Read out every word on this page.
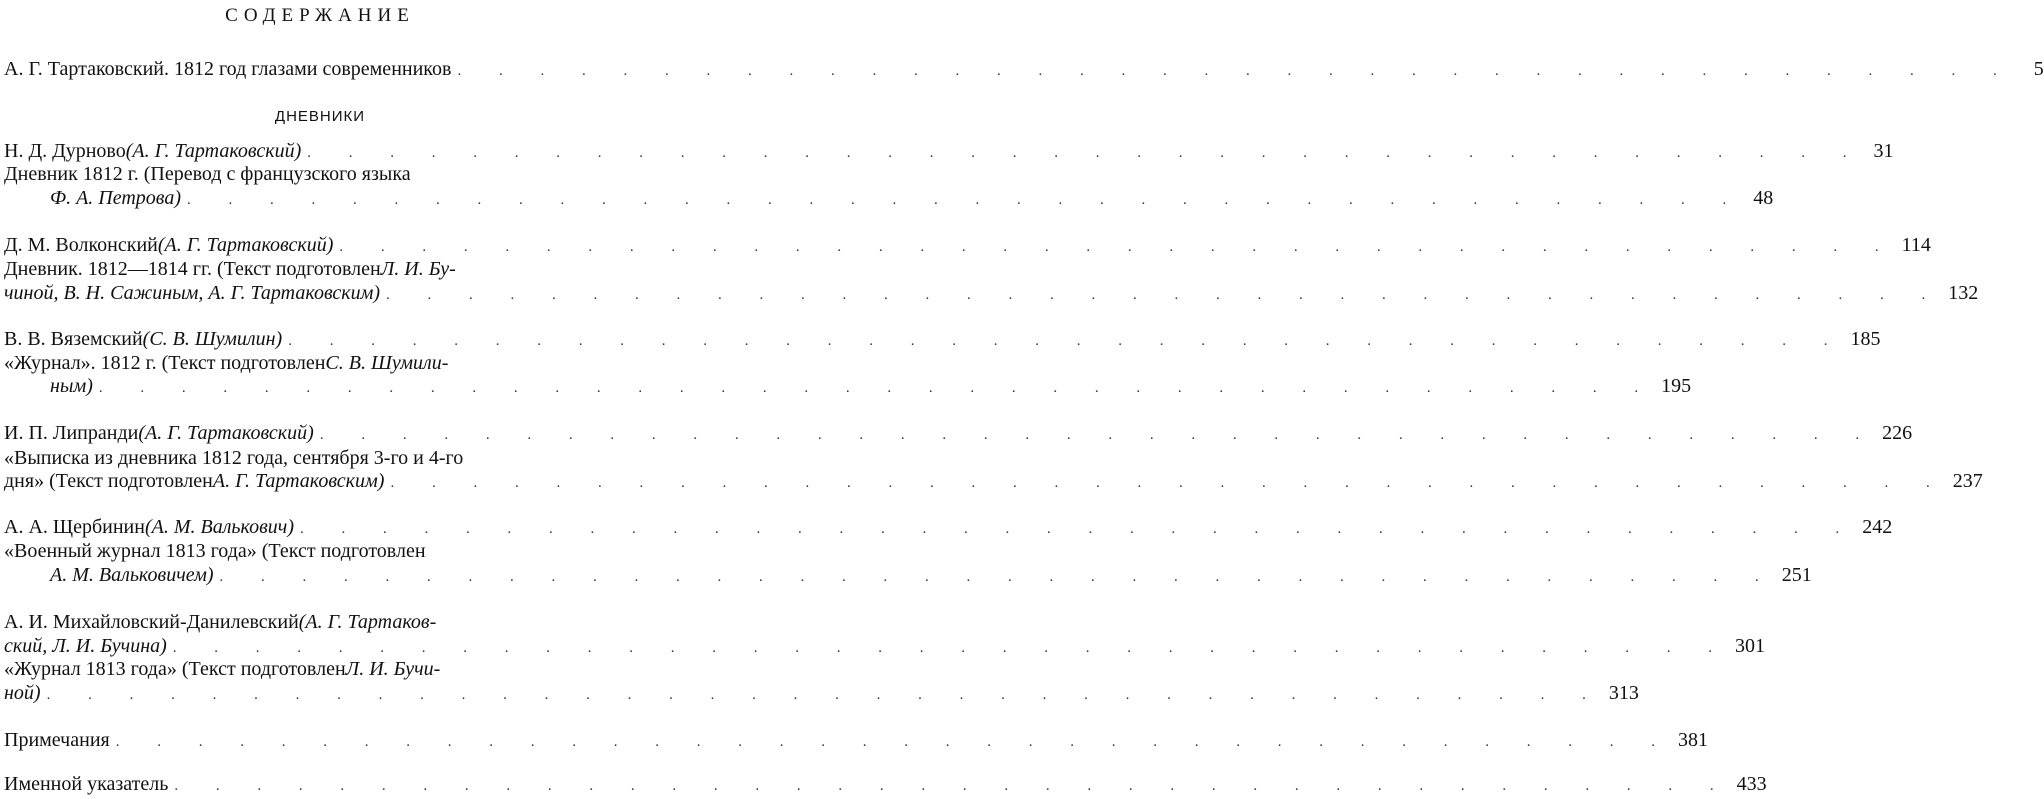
СОДЕРЖАНИЕ
А. Г. Тартаковский. 1812 год глазами современников . . . . . . . . . . . . . . . . . . . . . . . . . . . . . . . . . . . . . .	5
ДНЕВНИКИ
Н. Д. Дурново (А. Г. Тартаковский) . . . . . . . . . . . . . . . . . . . . . . . . . . . . . . . . . . . . . . 31
Дневник 1812 г. (Перевод с французского языка
Ф. А. Петрова) . . . . . . . . . . . . . . . . . . . . . . . . . . . . . . . . . . . . . . 48
Д. М. Волконский (А. Г. Тартаковский) . . . . . . . . . . . . . . . . . . . . . . . . . . . . . . . . . . . . . . 114
Дневник. 1812—1814 гг. (Текст подготовлен Л. И. Бу-
чиной, В. Н. Сажиным, А. Г. Тартаковским) . . . . . . . . . . . . . . . . . . . . . . . . . . . . . . . . . . . . . . 132
В. В. Вяземский (С. В. Шумилин) . . . . . . . . . . . . . . . . . . . . . . . . . . . . . . . . . . . . . . 185
«Журнал». 1812 г. (Текст подготовлен С. В. Шумили-
ным) . . . . . . . . . . . . . . . . . . . . . . . . . . . . . . . . . . . . . . 195
И. П. Липранди (А. Г. Тартаковский) . . . . . . . . . . . . . . . . . . . . . . . . . . . . . . . . . . . . . . 226
«Выписка из дневника 1812 года, сентября 3-го и 4-го
дня» (Текст подготовлен А. Г. Тартаковским) . . . . . . . . . . . . . . . . . . . . . . . . . . . . . . . . . . . . . . 237
А. А. Щербинин (А. М. Валькович) . . . . . . . . . . . . . . . . . . . . . . . . . . . . . . . . . . . . . . 242
«Военный журнал 1813 года» (Текст подготовлен
А. М. Вальковичем) . . . . . . . . . . . . . . . . . . . . . . . . . . . . . . . . . . . . . . 251
А. И. Михайловский-Данилевский (А. Г. Тартаков-
ский, Л. И. Бучина) . . . . . . . . . . . . . . . . . . . . . . . . . . . . . . . . . . . . . . 301
«Журнал 1813 года» (Текст подготовлен Л. И. Бучи-
ной) . . . . . . . . . . . . . . . . . . . . . . . . . . . . . . . . . . . . . . 313
Примечания . . . . . . . . . . . . . . . . . . . . . . . . . . . . . . . . . . . . . . 381
Именной указатель . . . . . . . . . . . . . . . . . . . . . . . . . . . . . . . . . . . . . . 433
